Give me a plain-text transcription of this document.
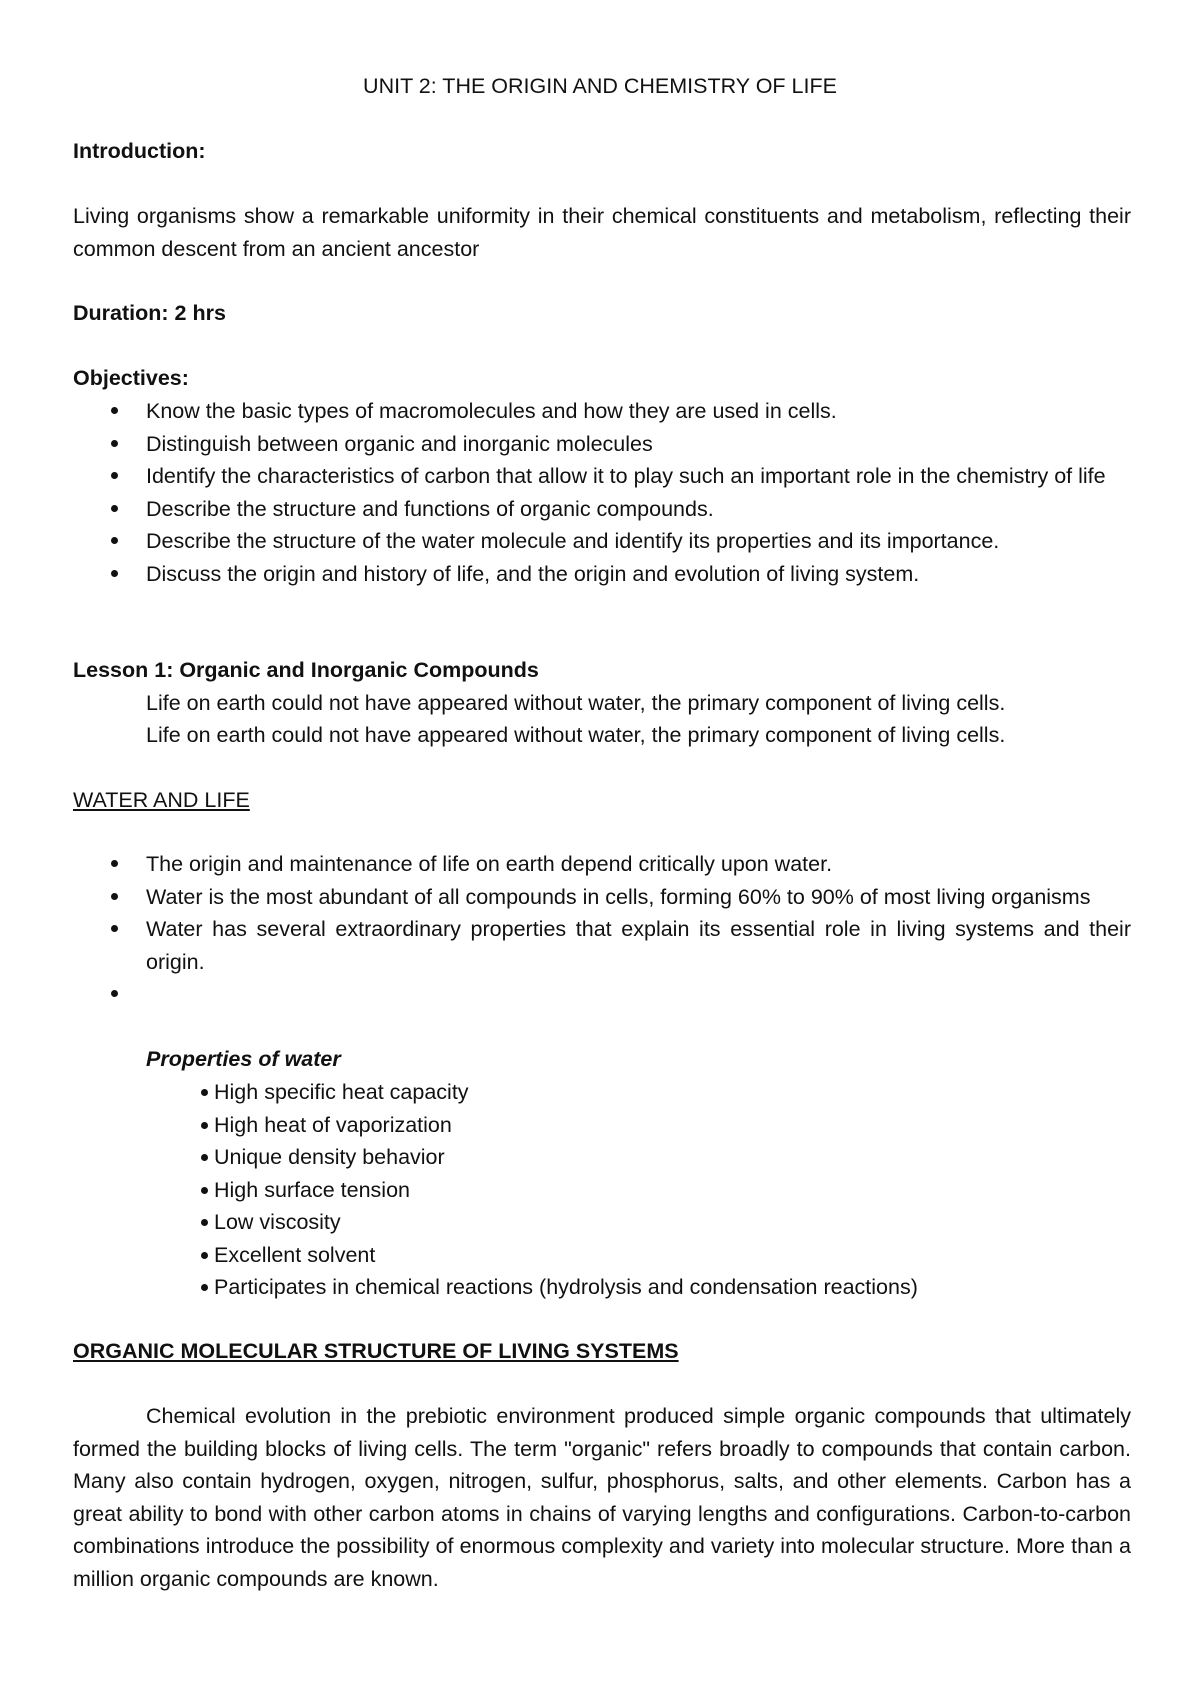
UNIT 2: THE ORIGIN AND CHEMISTRY OF LIFE
Introduction:
Living organisms show a remarkable uniformity in their chemical constituents and metabolism, reflecting their common descent from an ancient ancestor
Duration: 2 hrs
Objectives:
Know the basic types of macromolecules and how they are used in cells.
Distinguish between organic and inorganic molecules
Identify the characteristics of carbon that allow it to play such an important role in the chemistry of life
Describe the structure and functions of organic compounds.
Describe the structure of the water molecule and identify its properties and its importance.
Discuss the origin and history of life, and the origin and evolution of living system.
Lesson 1: Organic and Inorganic Compounds
Life on earth could not have appeared without water, the primary component of living cells.
Life on earth could not have appeared without water, the primary component of living cells.
WATER AND LIFE
The origin and maintenance of life on earth depend critically upon water.
Water is the most abundant of all compounds in cells, forming 60% to 90% of most living organisms
Water has several extraordinary properties that explain its essential role in living systems and their origin.
Properties of water
High specific heat capacity
High heat of vaporization
Unique density behavior
High surface tension
Low viscosity
Excellent solvent
Participates in chemical reactions (hydrolysis and condensation reactions)
ORGANIC MOLECULAR STRUCTURE OF LIVING SYSTEMS
Chemical evolution in the prebiotic environment produced simple organic compounds that ultimately formed the building blocks of living cells. The term "organic" refers broadly to compounds that contain carbon. Many also contain hydrogen, oxygen, nitrogen, sulfur, phosphorus, salts, and other elements. Carbon has a great ability to bond with other carbon atoms in chains of varying lengths and configurations. Carbon-to-carbon combinations introduce the possibility of enormous complexity and variety into molecular structure. More than a million organic compounds are known.
